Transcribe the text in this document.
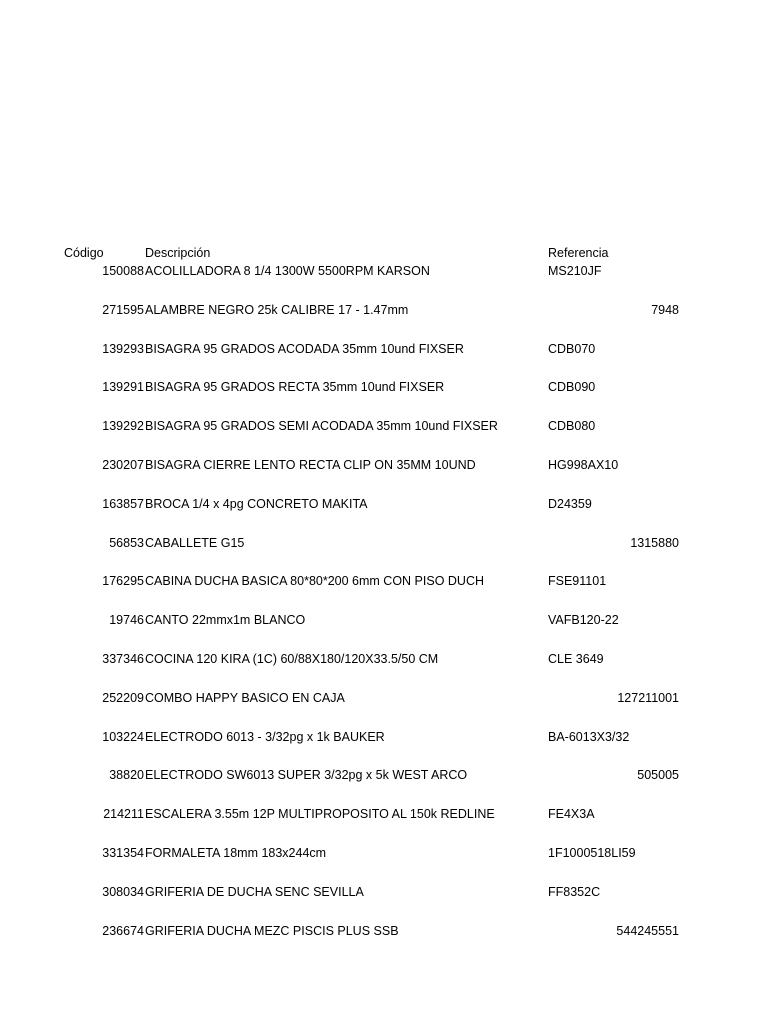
Código	Descripción	Referencia
150088 ACOLILLADORA 8 1/4 1300W 5500RPM KARSON	MS210JF
271595 ALAMBRE NEGRO 25k CALIBRE 17 - 1.47mm	7948
139293 BISAGRA 95 GRADOS ACODADA 35mm 10und FIXSER	CDB070
139291 BISAGRA 95 GRADOS RECTA 35mm 10und FIXSER	CDB090
139292 BISAGRA 95 GRADOS SEMI ACODADA 35mm 10und FIXSER	CDB080
230207 BISAGRA CIERRE LENTO RECTA CLIP ON 35MM 10UND	HG998AX10
163857 BROCA 1/4 x 4pg CONCRETO MAKITA	D24359
56853 CABALLETE G15	1315880
176295 CABINA DUCHA BASICA 80*80*200 6mm CON PISO DUCH	FSE91101
19746 CANTO 22mmx1m BLANCO	VAFB120-22
337346 COCINA 120 KIRA (1C) 60/88X180/120X33.5/50 CM	CLE 3649
252209 COMBO HAPPY BASICO EN CAJA	127211001
103224 ELECTRODO 6013 - 3/32pg x 1k BAUKER	BA-6013X3/32
38820 ELECTRODO SW6013 SUPER 3/32pg x 5k WEST ARCO	505005
214211 ESCALERA 3.55m 12P MULTIPROPOSITO AL 150k REDLINE	FE4X3A
331354 FORMALETA 18mm 183x244cm	1F1000518LI59
308034 GRIFERIA DE DUCHA SENC SEVILLA	FF8352C
236674 GRIFERIA DUCHA MEZC PISCIS PLUS SSB	544245551
